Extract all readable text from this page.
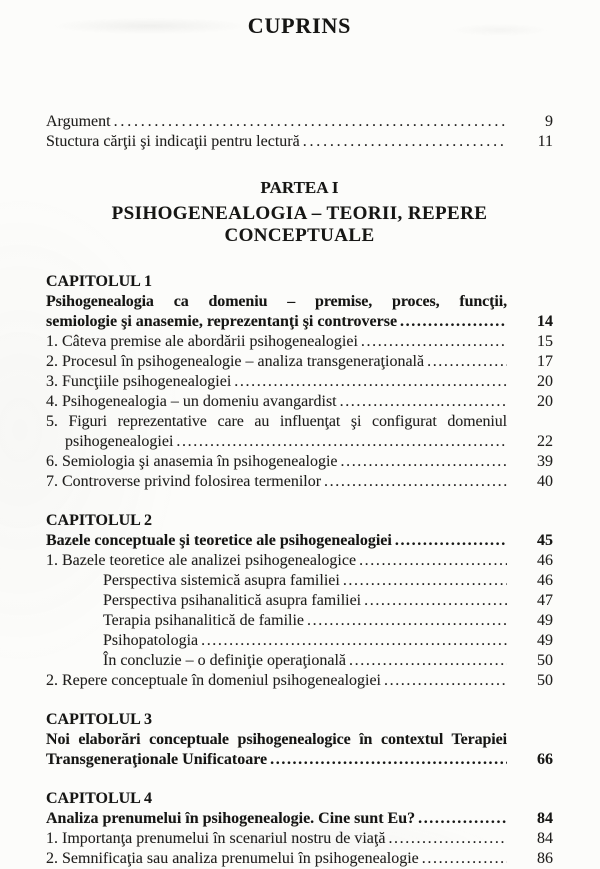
CUPRINS
Argument .....	9
Stuctura cărţii şi indicaţii pentru lectură .....	11
PARTEA I
PSIHOGENEALOGIA – TEORII, REPERE CONCEPTUALE
CAPITOLUL 1
Psihogenealogia ca domeniu – premise, proces, funcţii,
semiologie şi anasemie, reprezentanţi şi controverse .....	14
1. Câteva premise ale abordării psihogenealogiei .....	15
2. Procesul în psihogenealogie – analiza transgeneraţională .....	17
3. Funcţiile psihogenealogiei .....	20
4. Psihogenealogia – un domeniu avangardist .....	20
5. Figuri reprezentative care au influenţat şi configurat domeniul
psihogenealogiei .....	22
6. Semiologia şi anasemia în psihogenealogie .....	39
7. Controverse privind folosirea termenilor .....	40
CAPITOLUL 2
Bazele conceptuale şi teoretice ale psihogenealogiei .....	45
1. Bazele teoretice ale analizei psihogenealogice .....	46
Perspectiva sistemică asupra familiei .....	46
Perspectiva psihanalitică asupra familiei .....	47
Terapia psihanalitică de familie .....	49
Psihopatologia .....	49
În concluzie – o definiţie operaţională .....	50
2. Repere conceptuale în domeniul psihogenealogiei .....	50
CAPITOLUL 3
Noi elaborări conceptuale psihogenealogice în contextul Terapiei
Transgeneraţionale Unificatoare .....	66
CAPITOLUL 4
Analiza prenumelui în psihogenealogie. Cine sunt Eu? .....	84
1. Importanţa prenumelui în scenariul nostru de viaţă .....	84
2. Semnificaţia sau analiza prenumelui în psihogenealogie .....	86
